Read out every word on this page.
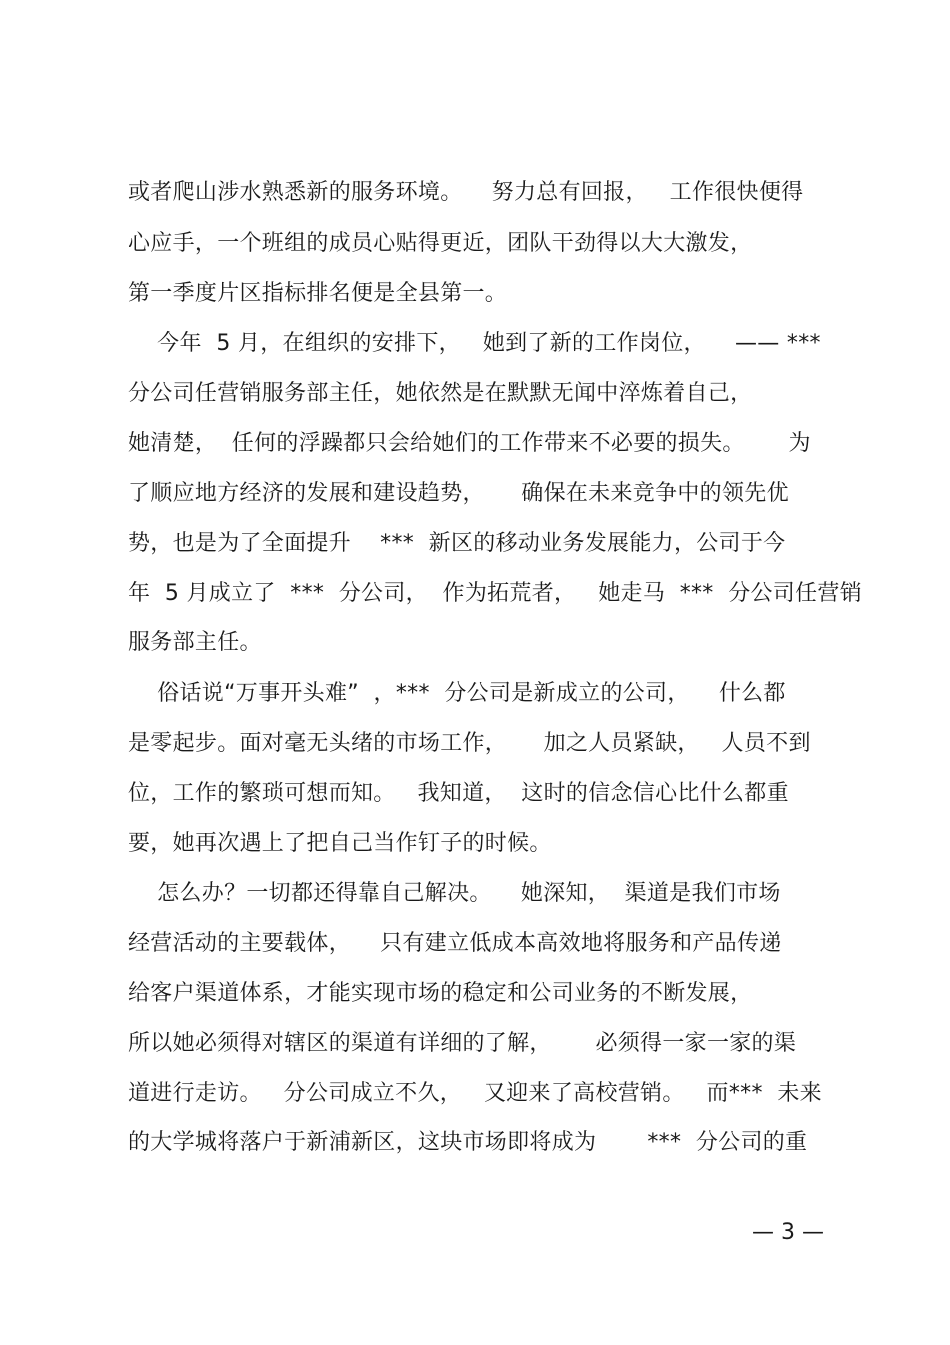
或者爬山涉水熟悉新的服务环境。    努力总有回报，   工作很快便得
心应手，一个班组的成员心贴得更近，团队干劲得以大大激发，
第一季度片区指标排名便是全县第一。
今年  5 月，在组织的安排下，   她到了新的工作岗位，    —— ***
分公司任营销服务部主任，她依然是在默默无闻中淬炼着自己，
她清楚，  任何的浮躁都只会给她们的工作带来不必要的损失。      为
了顺应地方经济的发展和建设趋势，     确保在未来竞争中的领先优
势，也是为了全面提升    ***  新区的移动业务发展能力，公司于今
年  5 月成立了  ***  分公司，  作为拓荒者，   她走马  ***  分公司任营销
服务部主任。
俗话说“万事开头难”  ，***  分公司是新成立的公司，    什么都
是零起步。面对毫无头绪的市场工作，     加之人员紧缺，   人员不到
位，工作的繁琐可想而知。   我知道，  这时的信念信心比什么都重
要，她再次遇上了把自己当作钉子的时候。
怎么办？一切都还得靠自己解决。    她深知，  渠道是我们市场
经营活动的主要载体，    只有建立低成本高效地将服务和产品传递
给客户渠道体系，才能实现市场的稳定和公司业务的不断发展，
所以她必须得对辖区的渠道有详细的了解，      必须得一家一家的渠
道进行走访。   分公司成立不久，   又迎来了高校营销。   而***  未来
的大学城将落户于新浦新区，这块市场即将成为       ***  分公司的重
— 3 —
